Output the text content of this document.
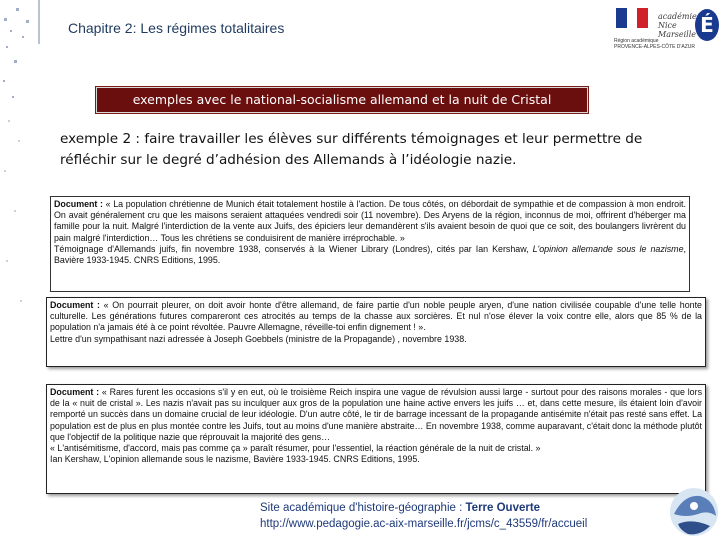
Chapitre 2: Les régimes totalitaires
académie
Nice
Marseille
Région académique
PROVENCE-ALPES-CÔTE D'AZUR
É
exemples avec le national-socialisme allemand et la nuit de Cristal
exemple 2 : faire travailler les élèves sur différents témoignages et leur permettre de réfléchir sur le degré d’adhésion des Allemands à l’idéologie nazie.

Document : « La population chrétienne de Munich était totalement hostile à l'action. De tous côtés, on débordait de sympathie et de compassion à mon endroit. On avait généralement cru que les maisons seraient attaquées vendredi soir (11 novembre). Des Aryens de la région, inconnus de moi, offrirent d'héberger ma famille pour la nuit. Malgré l'interdiction de la vente aux Juifs, des épiciers leur demandèrent s'ils avaient besoin de quoi que ce soit, des boulangers livrèrent du pain malgré l'interdiction… Tous les chrétiens se conduisirent de manière irréprochable. »

Témoignage d'Allemands juifs, fin novembre 1938, conservés à la Wiener Library (Londres), cités par Ian Kershaw, L'opinion allemande sous le nazisme, Bavière 1933-1945. CNRS Editions, 1995.

Document : « On pourrait pleurer, on doit avoir honte d'être allemand, de faire partie d'un noble peuple aryen, d'une nation civilisée coupable d'une telle honte culturelle. Les générations futures compareront ces atrocités au temps de la chasse aux sorcières. Et nul n'ose élever la voix contre elle, alors que 85 % de la population n'a jamais été à ce point révoltée. Pauvre Allemagne, réveille-toi enfin dignement ! ».

Lettre d'un sympathisant nazi adressée à Joseph Goebbels (ministre de la Propagande) , novembre 1938.

Document : « Rares furent les occasions s'il y en eut, où le troisième Reich inspira une vague de révulsion aussi large - surtout pour des raisons morales - que lors de la « nuit de cristal ». Les nazis n'avait pas su inculquer aux gros de la population une haine active envers les juifs … et, dans cette mesure, ils étaient loin d'avoir remporté un succès dans un domaine crucial de leur idéologie. D'un autre côté, le tir de barrage incessant de la propagande antisémite n'était pas resté sans effet. La population est de plus en plus montée contre les Juifs, tout au moins d'une manière abstraite… En novembre 1938, comme auparavant, c'était donc la méthode plutôt que l'objectif de la politique nazie que réprouvait la majorité des gens…

« L'antisémitisme, d'accord, mais pas comme ça » paraît résumer, pour l'essentiel, la réaction générale de la nuit de cristal. »

Ian Kershaw, L'opinion allemande sous le nazisme, Bavière 1933-1945. CNRS Editions, 1995.

Site académique d'histoire-géographie : Terre Ouverte
http://www.pedagogie.ac-aix-marseille.fr/jcms/c_43559/fr/accueil
